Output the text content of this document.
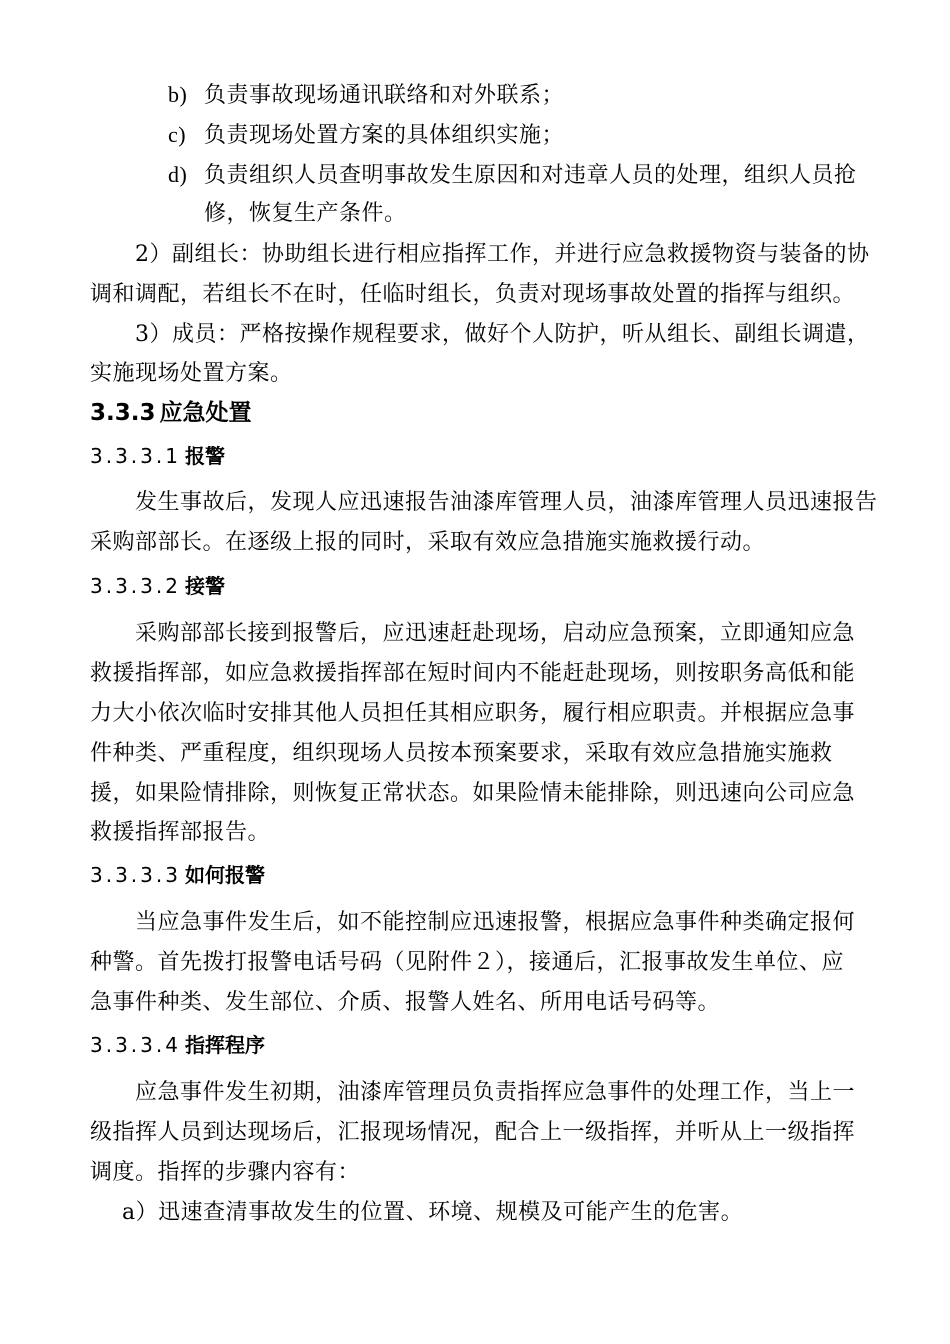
b) 负责事故现场通讯联络和对外联系；
c) 负责现场处置方案的具体组织实施；
d) 负责组织人员查明事故发生原因和对违章人员的处理，组织人员抢
修，恢复生产条件。
2）副组长：协助组长进行相应指挥工作，并进行应急救援物资与装备的协
调和调配，若组长不在时，任临时组长，负责对现场事故处置的指挥与组织。
3）成员：严格按操作规程要求，做好个人防护，听从组长、副组长调遣，
实施现场处置方案。
3.3.3 应急处置
3.3.3.1 报警
发生事故后，发现人应迅速报告油漆库管理人员，油漆库管理人员迅速报告
采购部部长。在逐级上报的同时，采取有效应急措施实施救援行动。
3.3.3.2 接警
采购部部长接到报警后，应迅速赶赴现场，启动应急预案，立即通知应急
救援指挥部，如应急救援指挥部在短时间内不能赶赴现场，则按职务高低和能
力大小依次临时安排其他人员担任其相应职务，履行相应职责。并根据应急事
件种类、严重程度，组织现场人员按本预案要求，采取有效应急措施实施救
援，如果险情排除，则恢复正常状态。如果险情未能排除，则迅速向公司应急
救援指挥部报告。
3.3.3.3 如何报警
当应急事件发生后，如不能控制应迅速报警，根据应急事件种类确定报何
种警。首先拨打报警电话号码（见附件２），接通后，汇报事故发生单位、应
急事件种类、发生部位、介质、报警人姓名、所用电话号码等。
3.3.3.4 指挥程序
应急事件发生初期，油漆库管理员负责指挥应急事件的处理工作，当上一
级指挥人员到达现场后，汇报现场情况，配合上一级指挥，并听从上一级指挥
调度。指挥的步骤内容有：
a）迅速查清事故发生的位置、环境、规模及可能产生的危害。
